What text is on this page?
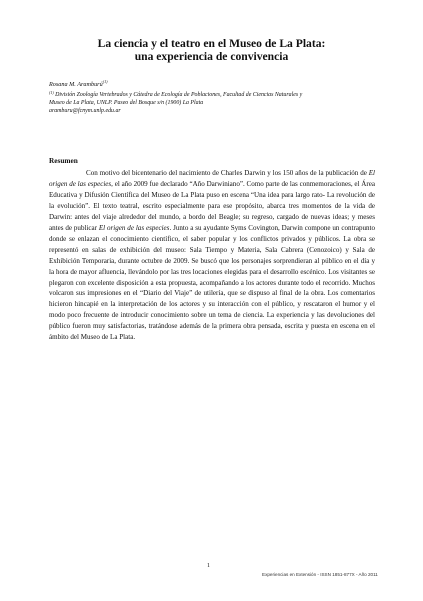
La ciencia y el teatro en el Museo de La Plata:
una experiencia de convivencia
Rosana M. Aramburú$^{(1)}$
$^{(1)}$ División Zoología Vertebrados y Cátedra de Ecología de Poblaciones, Facultad de Ciencias Naturales y
Museo de La Plata, UNLP. Paseo del Bosque s/n (1900) La Plata
aramburu@fcnym.unlp.edu.ar
Resumen

Con motivo del bicentenario del nacimiento de Charles Darwin y los 150 años de la publicación de El origen de las especies, el año 2009 fue declarado “Año Darwiniano”. Como parte de las conmemoraciones, el Área Educativa y Difusión Científica del Museo de La Plata puso en escena “Una idea para largo rato- La revolución de la evolución”. El texto teatral, escrito especialmente para ese propósito, abarca tres momentos de la vida de Darwin: antes del viaje alrededor del mundo, a bordo del Beagle; su regreso, cargado de nuevas ideas; y meses antes de publicar El origen de las especies. Junto a su ayudante Syms Covington, Darwin compone un contrapunto donde se enlazan el conocimiento científico, el saber popular y los conflictos privados y públicos. La obra se representó en salas de exhibición del museo: Sala Tiempo y Materia, Sala Cabrera (Cenozoico) y Sala de Exhibición Temporaria, durante octubre de 2009. Se buscó que los personajes sorprendieran al público en el día y la hora de mayor afluencia, llevándolo por las tres locaciones elegidas para el desarrollo escénico. Los visitantes se plegaron con excelente disposición a esta propuesta, acompañando a los actores durante todo el recorrido. Muchos volcaron sus impresiones en el “Diario del Viaje” de utilería, que se dispuso al final de la obra. Los comentarios hicieron hincapié en la interpretación de los actores y su interacción con el público, y rescataron el humor y el modo poco frecuente de introducir conocimiento sobre un tema de ciencia. La experiencia y las devoluciones del público fueron muy satisfactorias, tratándose además de la primera obra pensada, escrita y puesta en escena en el ámbito del Museo de La Plata.

1
Experiencias en Extensión - ISSN 1851-877X - Año 2011
